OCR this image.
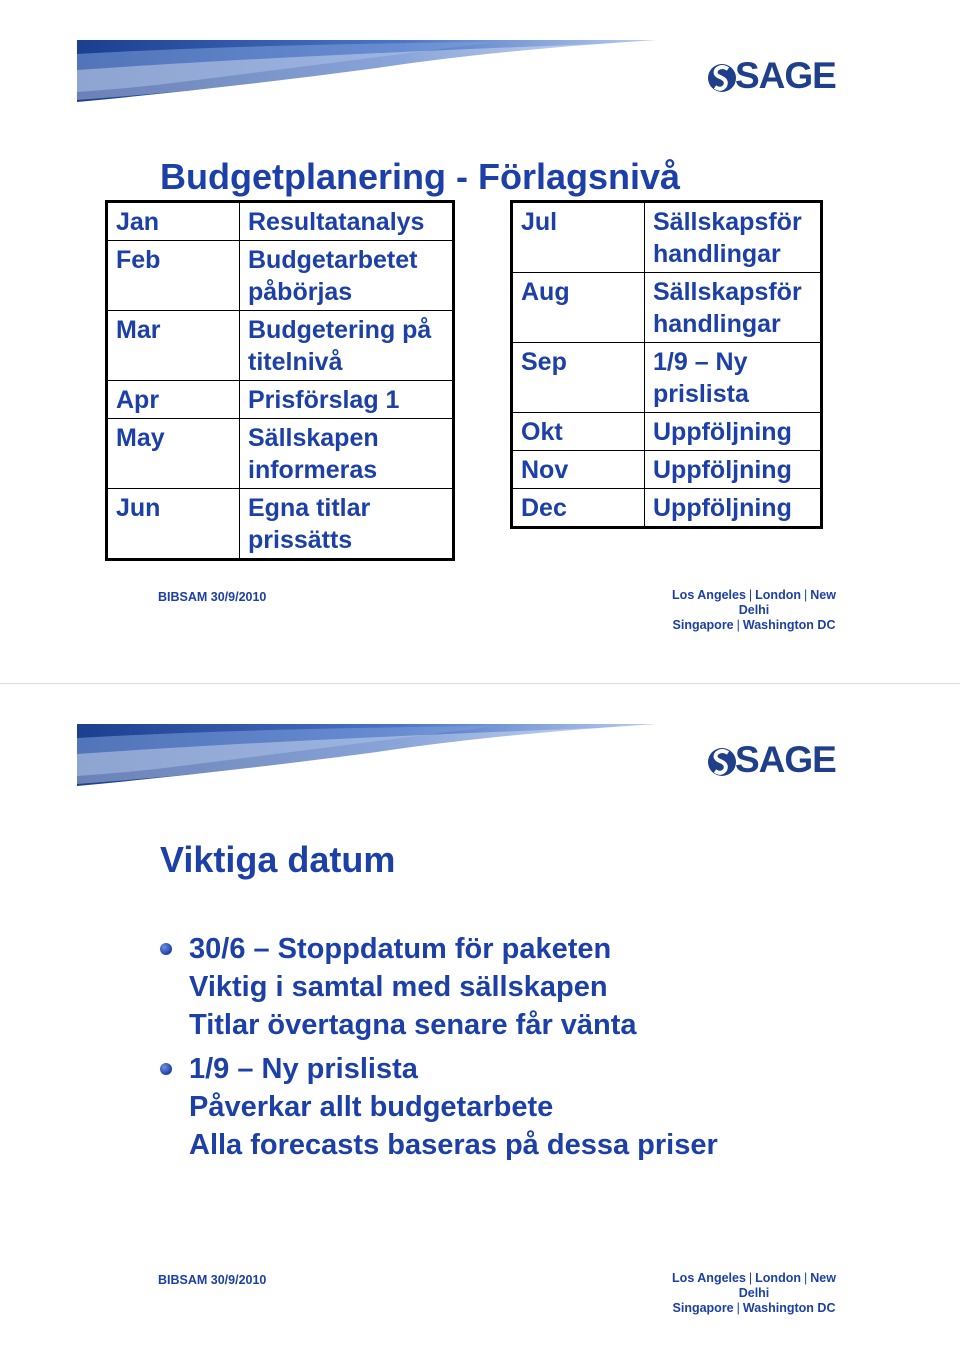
SAGE
Budgetplanering - Förlagsnivå
Jan	Resultatanalys
Feb	Budgetarbetet påbörjas
Mar	Budgetering på titelnivå
Apr	Prisförslag 1
May	Sällskapen informeras
Jun	Egna titlar prissätts
Jul	Sällskapsför handlingar
Aug	Sällskapsför handlingar
Sep	1/9 – Ny prislista
Okt	Uppföljning
Nov	Uppföljning
Dec	Uppföljning
BIBSAM 30/9/2010	Los Angeles | London | New Delhi
Singapore | Washington DC
SAGE
Viktiga datum
30/6 – Stoppdatum för paketen
Viktig i samtal med sällskapen
Titlar övertagna senare får vänta
1/9 – Ny prislista
Påverkar allt budgetarbete
Alla forecasts baseras på dessa priser
BIBSAM 30/9/2010	Los Angeles | London | New Delhi
Singapore | Washington DC
